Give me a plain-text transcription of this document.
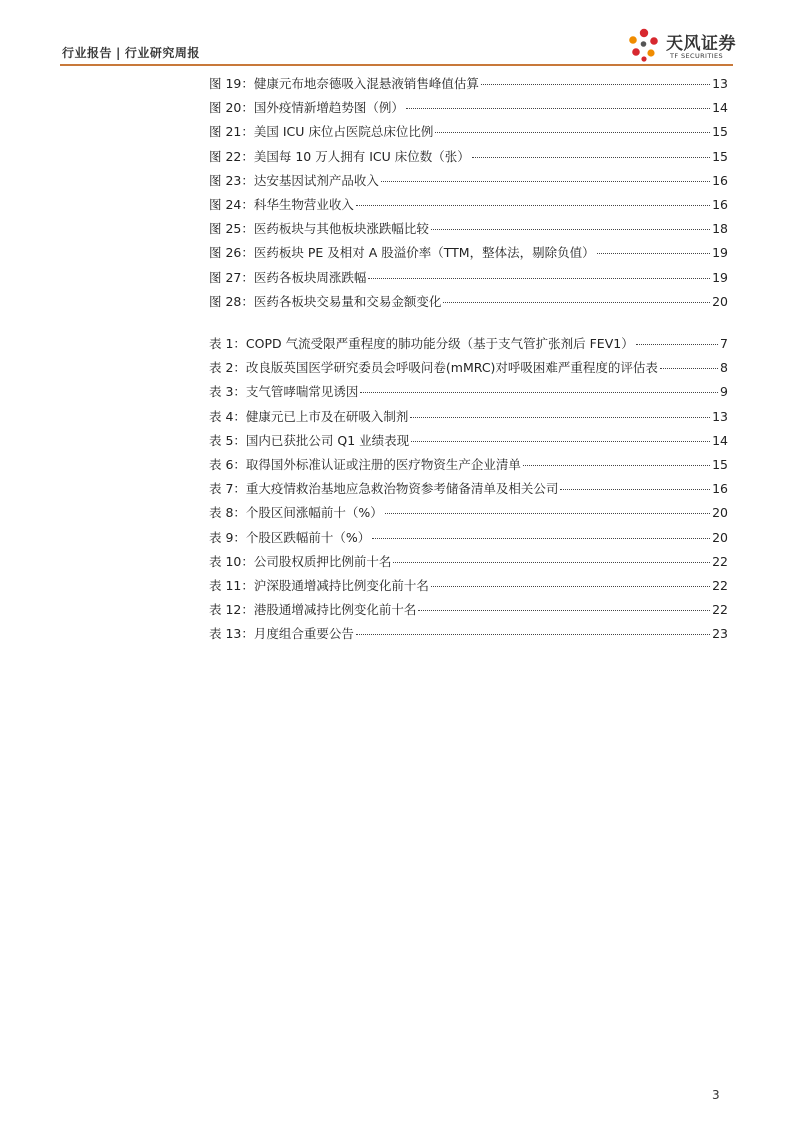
行业报告 | 行业研究周报	天风证券
TF SECURITIES
图 19：健康元布地奈德吸入混悬液销售峰值估算	13
图 20：国外疫情新增趋势图（例）	14
图 21：美国 ICU 床位占医院总床位比例	15
图 22：美国每 10 万人拥有 ICU 床位数（张）	15
图 23：达安基因试剂产品收入	16
图 24：科华生物营业收入	16
图 25：医药板块与其他板块涨跌幅比较	18
图 26：医药板块 PE 及相对 A 股溢价率（TTM，整体法，剔除负值）	19
图 27：医药各板块周涨跌幅	19
图 28：医药各板块交易量和交易金额变化	20
表 1：COPD 气流受限严重程度的肺功能分级（基于支气管扩张剂后 FEV1）	7
表 2：改良版英国医学研究委员会呼吸问卷(mMRC)对呼吸困难严重程度的评估表	8
表 3：支气管哮喘常见诱因	9
表 4：健康元已上市及在研吸入制剂	13
表 5：国内已获批公司 Q1 业绩表现	14
表 6：取得国外标准认证或注册的医疗物资生产企业清单	15
表 7：重大疫情救治基地应急救治物资参考储备清单及相关公司	16
表 8：个股区间涨幅前十（%）	20
表 9：个股区跌幅前十（%）	20
表 10：公司股权质押比例前十名	22
表 11：沪深股通增减持比例变化前十名	22
表 12：港股通增减持比例变化前十名	22
表 13：月度组合重要公告	23
3
